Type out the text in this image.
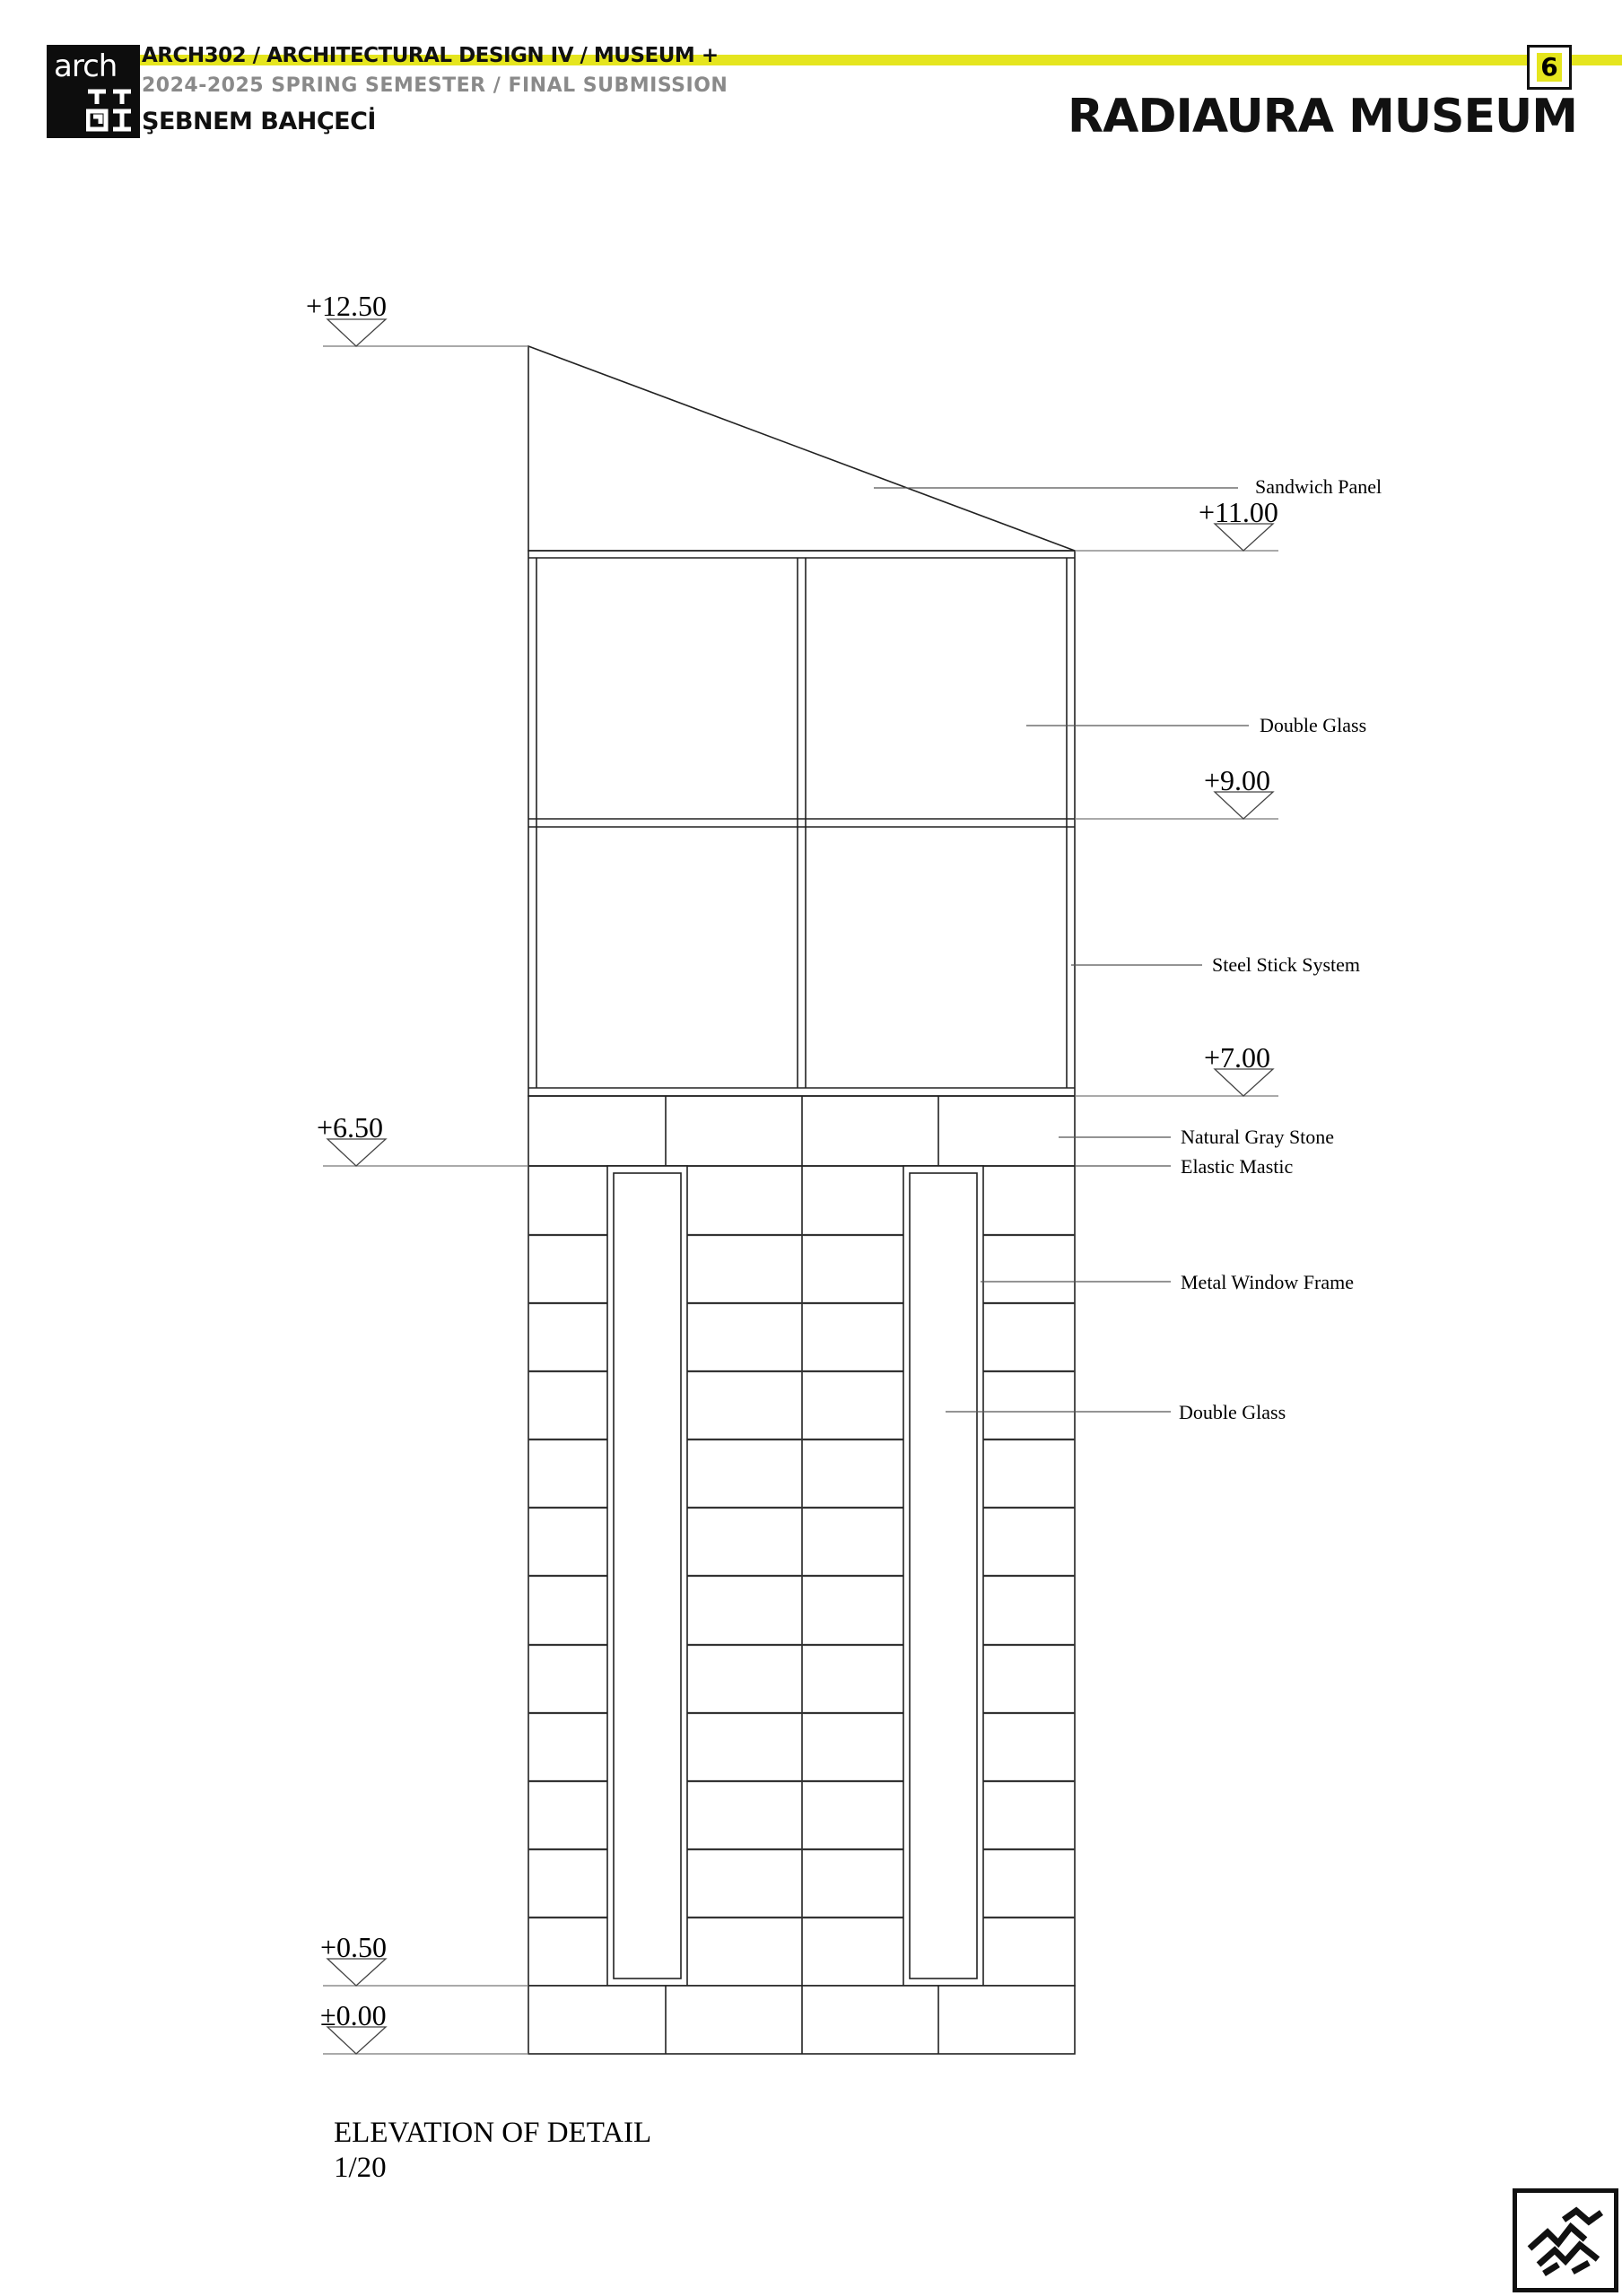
arch ARCH302 / ARCHITECTURAL DESIGN IV / MUSEUM +
2024-2025 SPRING SEMESTER / FINAL SUBMISSION
ŞEBNEM BAHÇECİ
6
RADIAURA MUSEUM
+12.50
+11.00
+9.00
+7.00
+6.50
+0.50
±0.00
Sandwich Panel
Double Glass
Steel Stick System
Natural Gray Stone
Elastic Mastic
Metal Window Frame
Double Glass
ELEVATION OF DETAIL
1/20
